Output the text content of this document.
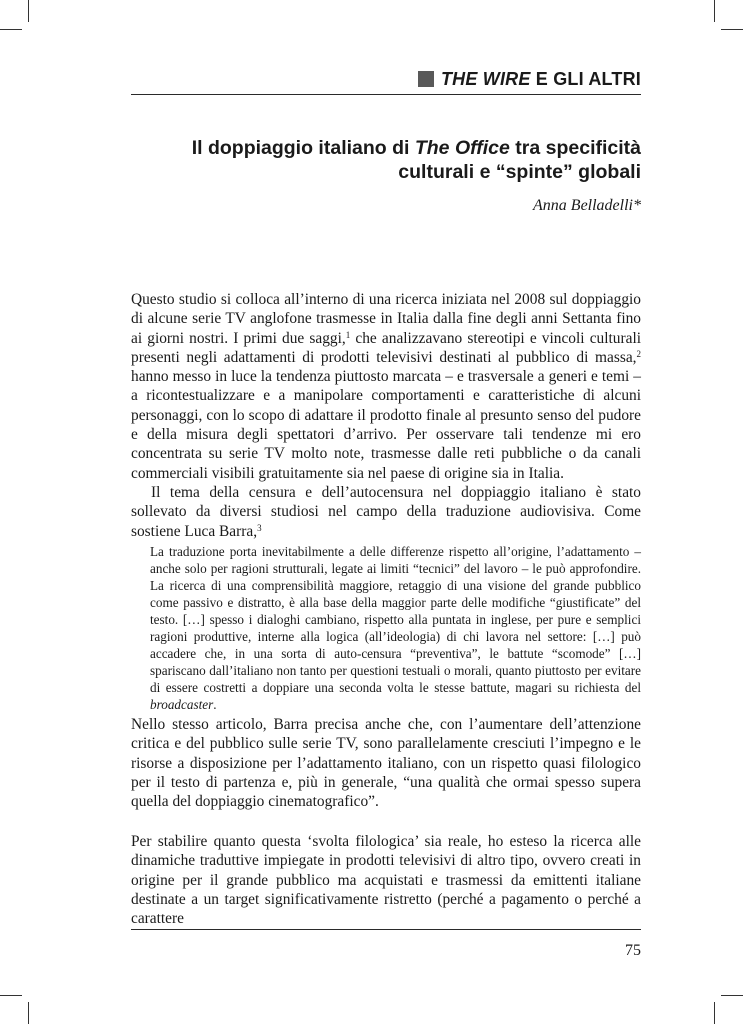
THE WIRE E GLI ALTRI
Il doppiaggio italiano di The Office tra specificità
culturali e “spinte” globali
Anna Belladelli*

Questo studio si colloca all’interno di una ricerca iniziata nel 2008 sul doppiaggio di alcune serie TV anglofone trasmesse in Italia dalla fine degli anni Settanta fino ai giorni nostri. I primi due saggi,$^1$ che analizzavano stereotipi e vincoli culturali presenti negli adattamenti di prodotti televisivi destinati al pubblico di massa,$^2$ hanno messo in luce la tendenza piuttosto marcata – e trasversale a generi e temi – a ricontestualizzare e a manipolare comportamenti e caratteristiche di alcuni personaggi, con lo scopo di adattare il prodotto finale al presunto senso del pudore e della misura degli spettatori d’arrivo. Per osservare tali tendenze mi ero concentrata su serie TV molto note, trasmesse dalle reti pubbliche o da canali commerciali visibili gratuitamente sia nel paese di origine sia in Italia.

Il tema della censura e dell’autocensura nel doppiaggio italiano è stato sollevato da diversi studiosi nel campo della traduzione audiovisiva. Come sostiene Luca Barra,$^3$

La traduzione porta inevitabilmente a delle differenze rispetto all’origine, l’adattamento – anche solo per ragioni strutturali, legate ai limiti “tecnici” del lavoro – le può approfondire. La ricerca di una comprensibilità maggiore, retaggio di una visione del grande pubblico come passivo e distratto, è alla base della maggior parte delle modifiche “giustificate” del testo. […] spesso i dialoghi cambiano, rispetto alla puntata in inglese, per pure e semplici ragioni produttive, interne alla logica (all’ideologia) di chi lavora nel settore: […] può accadere che, in una sorta di auto-censura “preventiva”, le battute “scomode” […] spariscano dall’italiano non tanto per questioni testuali o morali, quanto piuttosto per evitare di essere costretti a doppiare una seconda volta le stesse battute, magari su richiesta del broadcaster.

Nello stesso articolo, Barra precisa anche che, con l’aumentare dell’attenzione critica e del pubblico sulle serie TV, sono parallelamente cresciuti l’impegno e le risorse a disposizione per l’adattamento italiano, con un rispetto quasi filologico per il testo di partenza e, più in generale, “una qualità che ormai spesso supera quella del doppiaggio cinematografico”.

Per stabilire quanto questa ‘svolta filologica’ sia reale, ho esteso la ricerca alle dinamiche traduttive impiegate in prodotti televisivi di altro tipo, ovvero creati in origine per il grande pubblico ma acquistati e trasmessi da emittenti italiane destinate a un target significativamente ristretto (perché a pagamento o perché a carattere

75
